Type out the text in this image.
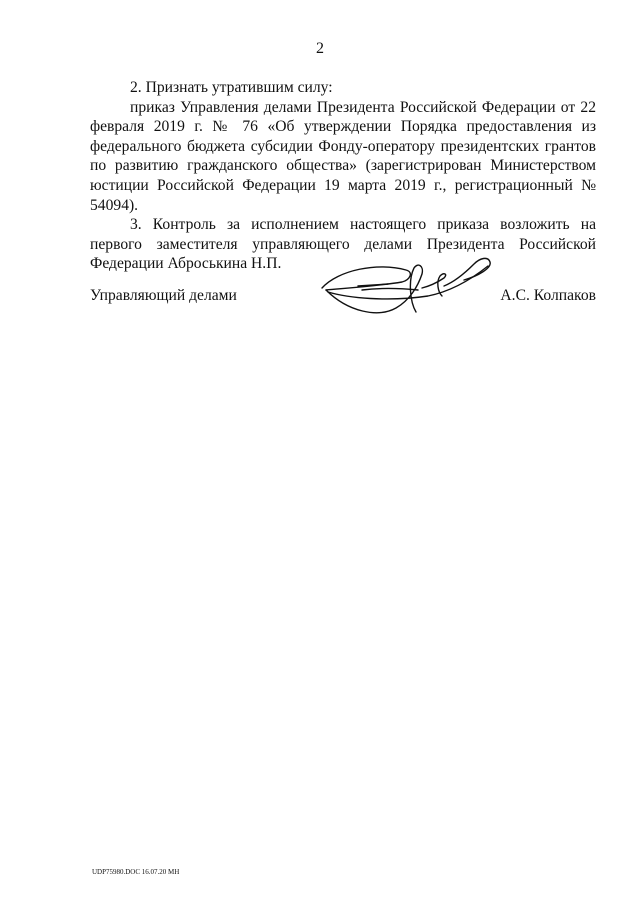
2

2. Признать утратившим силу:

приказ Управления делами Президента Российской Федерации от 22 февраля 2019 г. № 76 «Об утверждении Порядка предоставления из федерального бюджета субсидии Фонду-оператору президентских грантов по развитию гражданского общества» (зарегистрирован Министерством юстиции Российской Федерации 19 марта 2019 г., регистрационный № 54094).

3. Контроль за исполнением настоящего приказа возложить на первого заместителя управляющего делами Президента Российской Федерации Аброськина Н.П.

Управляющий делами	А.С. Колпаков
UDP75980.DOC 16.07.20 МН
